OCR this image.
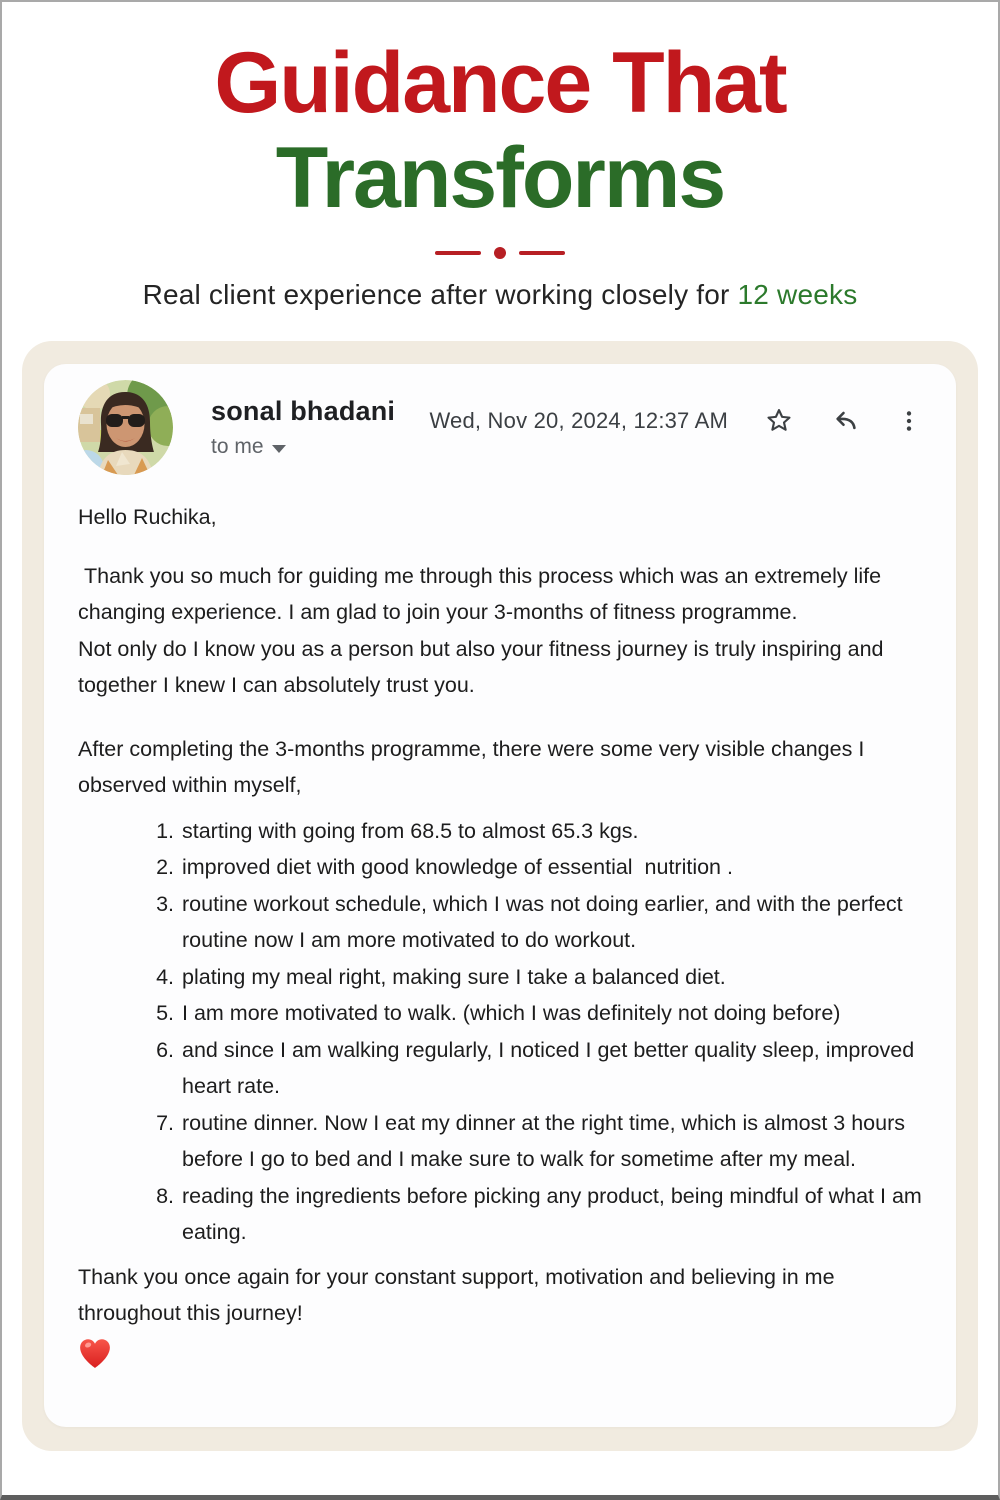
Guidance That
Transforms

Real client experience after working closely for 12 weeks

sonal bhadani
to me
Wed, Nov 20, 2024, 12:37 AM

Hello Ruchika,

Thank you so much for guiding me through this process which was an extremely life changing experience. I am glad to join your 3-months of fitness programme.

Not only do I know you as a person but also your fitness journey is truly inspiring and together I knew I can absolutely trust you.

After completing the 3-months programme, there were some very visible changes I observed within myself,

1. starting with going from 68.5 to almost 65.3 kgs.
2. improved diet with good knowledge of essential  nutrition .
3. routine workout schedule, which I was not doing earlier, and with the perfect routine now I am more motivated to do workout.
4. plating my meal right, making sure I take a balanced diet.
5. I am more motivated to walk. (which I was definitely not doing before)
6. and since I am walking regularly, I noticed I get better quality sleep, improved heart rate.
7. routine dinner. Now I eat my dinner at the right time, which is almost 3 hours before I go to bed and I make sure to walk for sometime after my meal.
8. reading the ingredients before picking any product, being mindful of what I am eating.

Thank you once again for your constant support, motivation and believing in me throughout this journey!
